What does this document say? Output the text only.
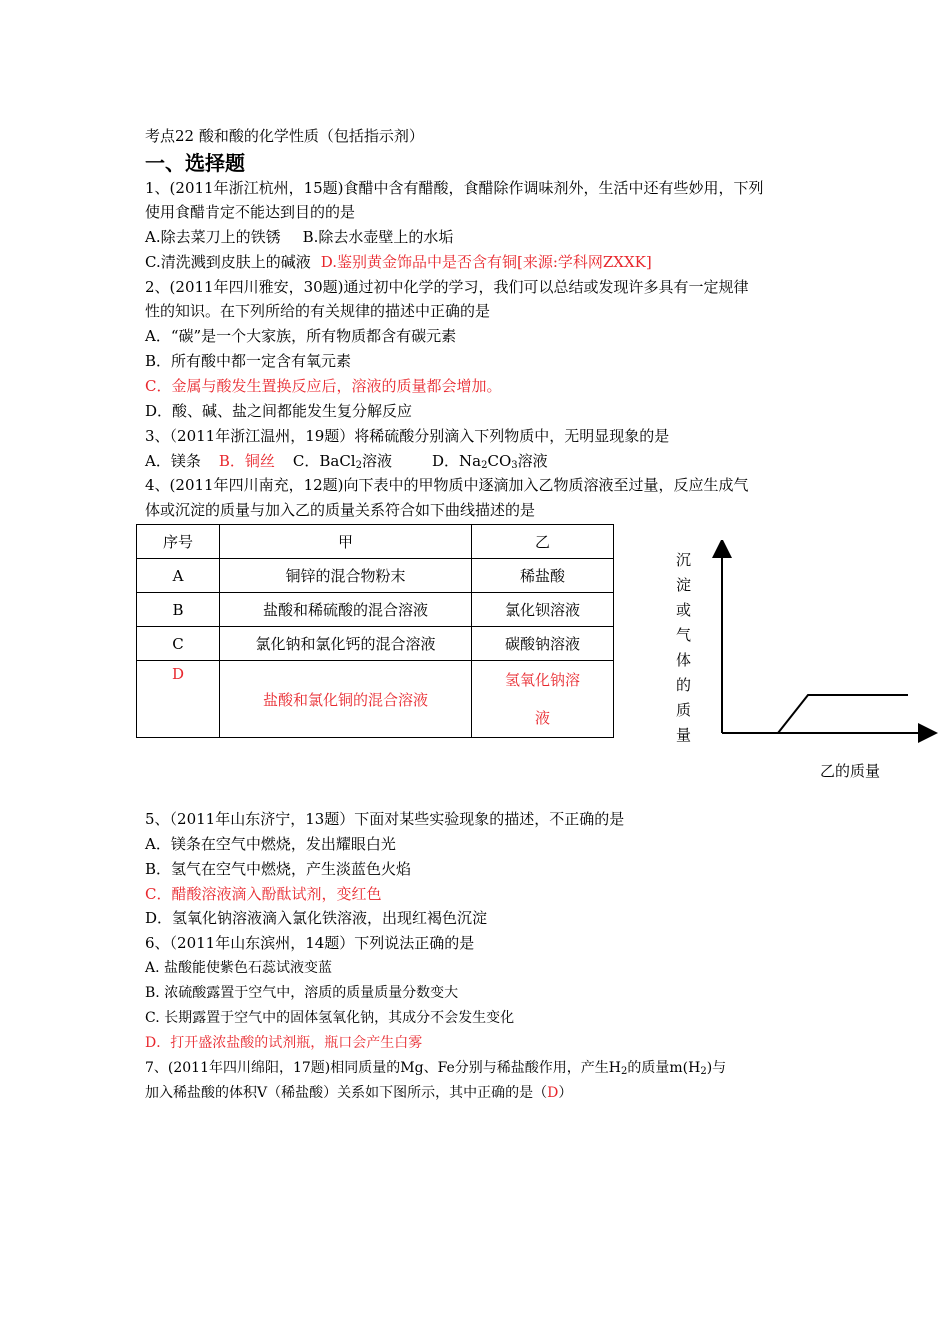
考点22 酸和酸的化学性质（包括指示剂）
一、选择题
1、(2011年浙江杭州，15题)食醋中含有醋酸，食醋除作调味剂外，生活中还有些妙用，下列
使用食醋肯定不能达到目的的是
A.除去菜刀上的铁锈 B.除去水壶壁上的水垢
C.清洗溅到皮肤上的碱液 D.鉴别黄金饰品中是否含有铜[来源:学科网ZXXK]
2、(2011年四川雅安，30题)通过初中化学的学习，我们可以总结或发现许多具有一定规律
性的知识。在下列所给的有关规律的描述中正确的是
A．“碳”是一个大家族，所有物质都含有碳元素
B．所有酸中都一定含有氧元素
C．金属与酸发生置换反应后，溶液的质量都会增加。
D．酸、碱、盐之间都能发生复分解反应
3、（2011年浙江温州，19题）将稀硫酸分别滴入下列物质中，无明显现象的是
A．镁条 B．铜丝 C．BaCl$_2$溶液	D．$Na_2CO_3$溶液
4、(2011年四川南充，12题)向下表中的甲物质中逐滴加入乙物质溶液至过量，反应生成气
体或沉淀的质量与加入乙的质量关系符合如下曲线描述的是
序号	甲	乙
A	铜锌的混合物粉末	稀盐酸
B	盐酸和稀硫酸的混合溶液	氯化钡溶液
C	氯化钠和氯化钙的混合溶液	碳酸钠溶液
D	盐酸和氯化铜的混合溶液	氢氧化钠溶
液
沉
淀
或
气
体
的
质
量
乙的质量
5、（2011年山东济宁，13题）下面对某些实验现象的描述，不正确的是
A．镁条在空气中燃烧，发出耀眼白光
B．氢气在空气中燃烧，产生淡蓝色火焰
C．醋酸溶液滴入酚酞试剂，变红色
D．氢氧化钠溶液滴入氯化铁溶液，出现红褐色沉淀
6、（2011年山东滨州，14题）下列说法正确的是
A. 盐酸能使紫色石蕊试液变蓝
B. 浓硫酸露置于空气中，溶质的质量质量分数变大
C. 长期露置于空气中的固体氢氧化钠，其成分不会发生变化
D．打开盛浓盐酸的试剂瓶，瓶口会产生白雾
7、(2011年四川绵阳，17题)相同质量的Mg、Fe分别与稀盐酸作用，产生$H_2$的质量$m(H_2)$与
加入稀盐酸的体积V（稀盐酸）关系如下图所示，其中正确的是（D）
